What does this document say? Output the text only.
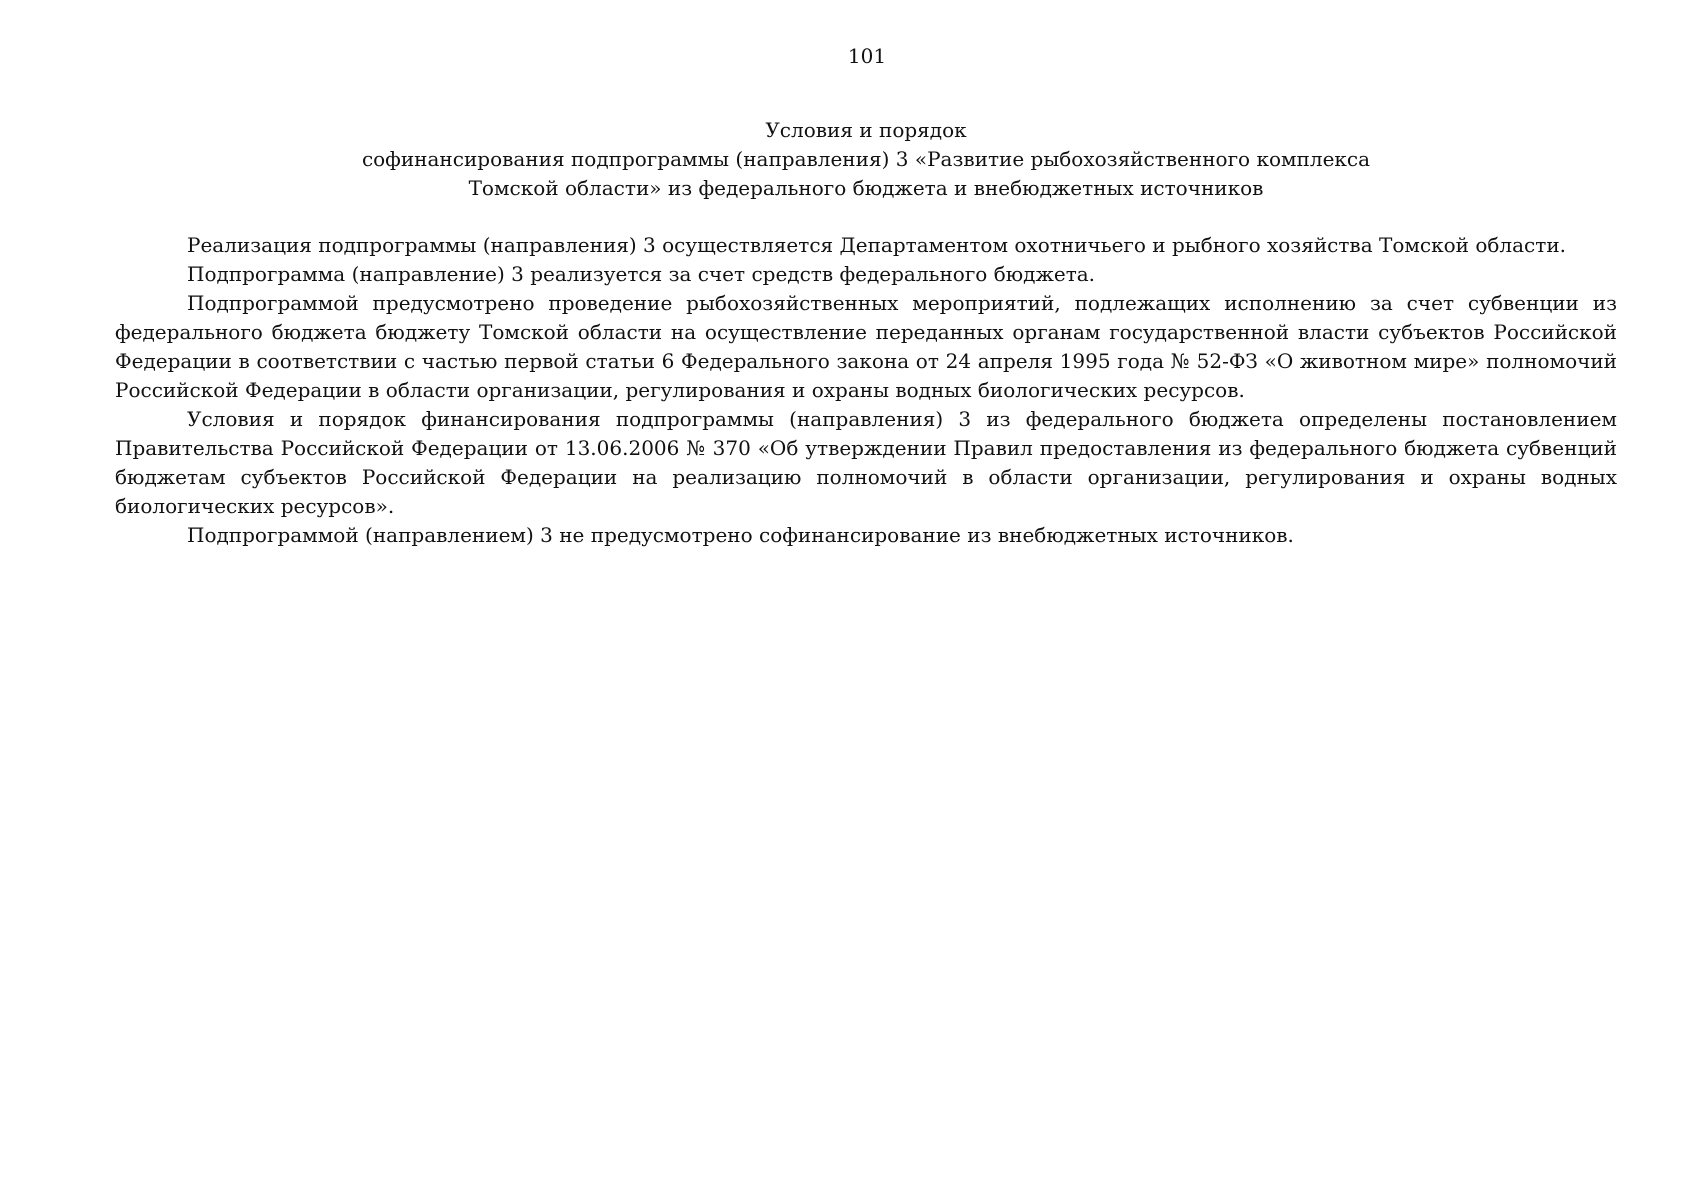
101
Условия и порядок
софинансирования подпрограммы (направления) 3 «Развитие рыбохозяйственного комплекса
Томской области» из федерального бюджета и внебюджетных источников

Реализация подпрограммы (направления) 3 осуществляется Департаментом охотничьего и рыбного хозяйства Томской области.

Подпрограмма (направление) 3 реализуется за счет средств федерального бюджета.

Подпрограммой предусмотрено проведение рыбохозяйственных мероприятий, подлежащих исполнению за счет субвенции из федерального бюджета бюджету Томской области на осуществление переданных органам государственной власти субъектов Российской Федерации в соответствии с частью первой статьи 6 Федерального закона от 24 апреля 1995 года № 52-ФЗ «О животном мире» полномочий Российской Федерации в области организации, регулирования и охраны водных биологических ресурсов.

Условия и порядок финансирования подпрограммы (направления) 3 из федерального бюджета определены постановлением Правительства Российской Федерации от 13.06.2006 № 370 «Об утверждении Правил предоставления из федерального бюджета субвенций бюджетам субъектов Российской Федерации на реализацию полномочий в области организации, регулирования и охраны водных биологических ресурсов».

Подпрограммой (направлением) 3 не предусмотрено софинансирование из внебюджетных источников.
